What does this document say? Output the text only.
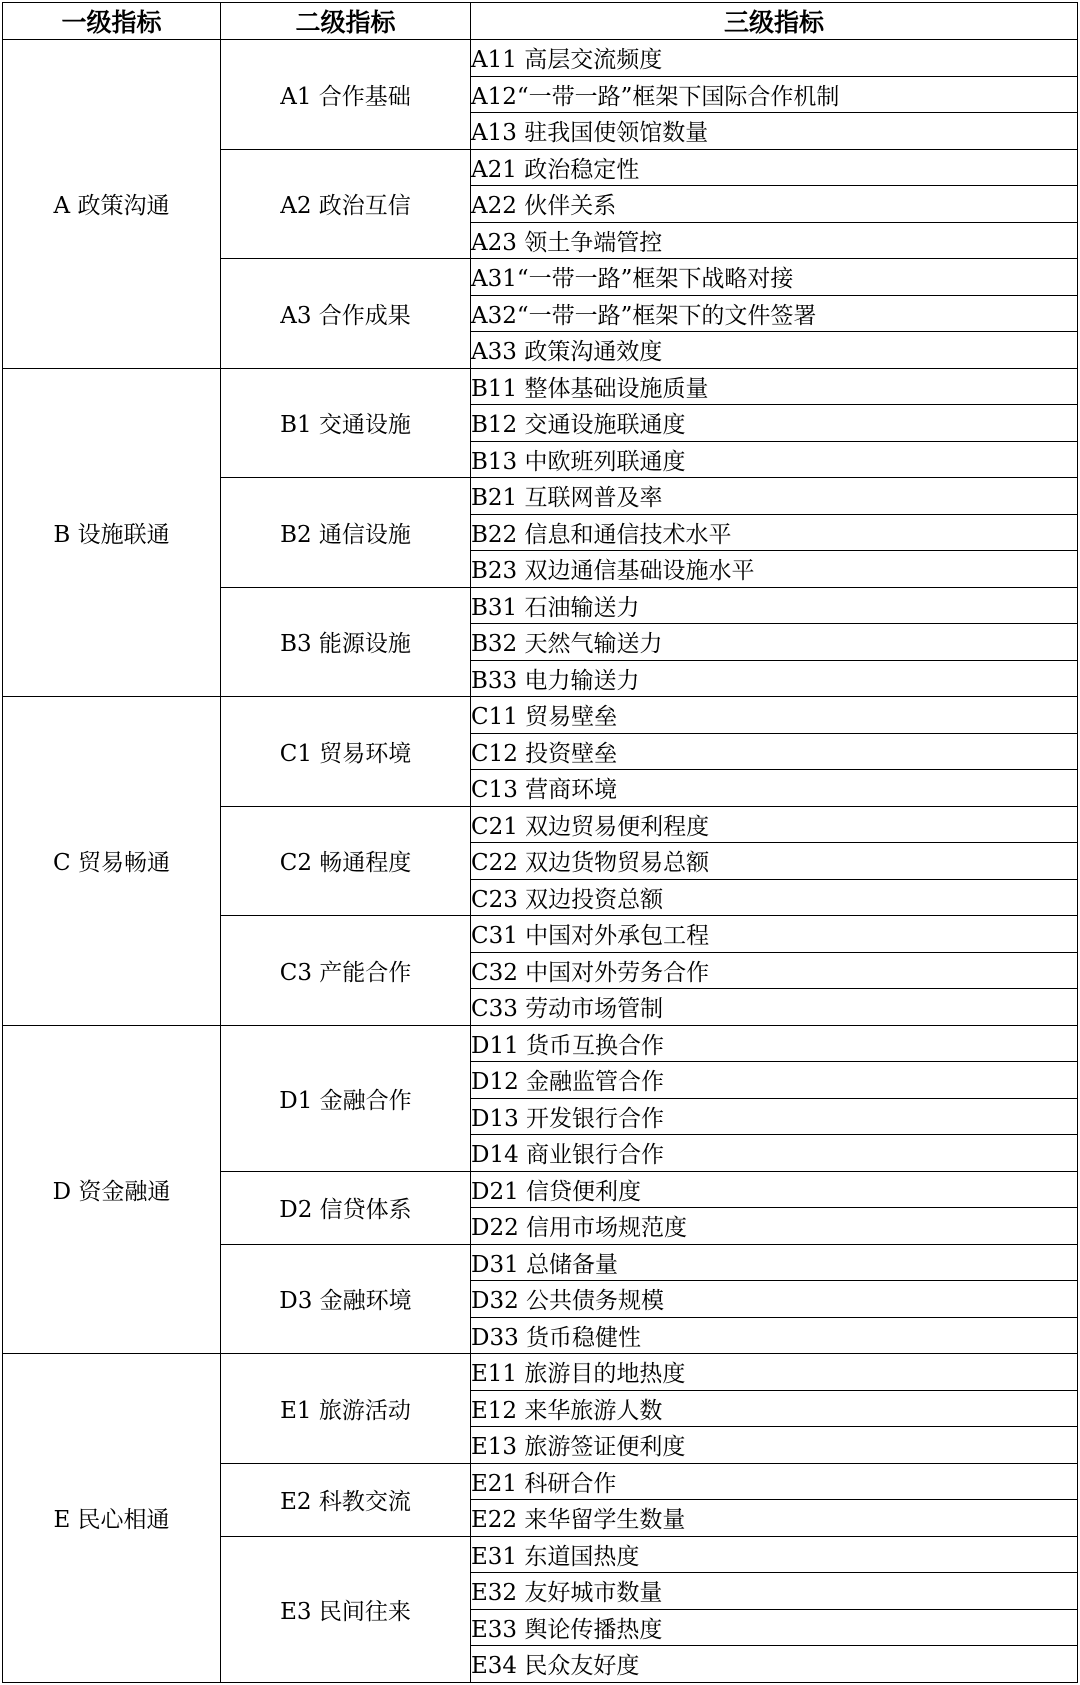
一级指标	二级指标	三级指标
A 政策沟通	A1 合作基础	A11 高层交流频度
		A12“一带一路”框架下国际合作机制
		A13 驻我国使领馆数量
	A2 政治互信	A21 政治稳定性
		A22 伙伴关系
		A23 领土争端管控
	A3 合作成果	A31“一带一路”框架下战略对接
		A32“一带一路”框架下的文件签署
		A33 政策沟通效度
B 设施联通	B1 交通设施	B11 整体基础设施质量
		B12 交通设施联通度
		B13 中欧班列联通度
	B2 通信设施	B21 互联网普及率
		B22 信息和通信技术水平
		B23 双边通信基础设施水平
	B3 能源设施	B31 石油输送力
		B32 天然气输送力
		B33 电力输送力
C 贸易畅通	C1 贸易环境	C11 贸易壁垒
		C12 投资壁垒
		C13 营商环境
	C2 畅通程度	C21 双边贸易便利程度
		C22 双边货物贸易总额
		C23 双边投资总额
	C3 产能合作	C31 中国对外承包工程
		C32 中国对外劳务合作
		C33 劳动市场管制
D 资金融通	D1 金融合作	D11 货币互换合作
		D12 金融监管合作
		D13 开发银行合作
		D14 商业银行合作
	D2 信贷体系	D21 信贷便利度
		D22 信用市场规范度
	D3 金融环境	D31 总储备量
		D32 公共债务规模
		D33 货币稳健性
E 民心相通	E1 旅游活动	E11 旅游目的地热度
		E12 来华旅游人数
		E13 旅游签证便利度
	E2 科教交流	E21 科研合作
		E22 来华留学生数量
	E3 民间往来	E31 东道国热度
		E32 友好城市数量
		E33 舆论传播热度
		E34 民众友好度
